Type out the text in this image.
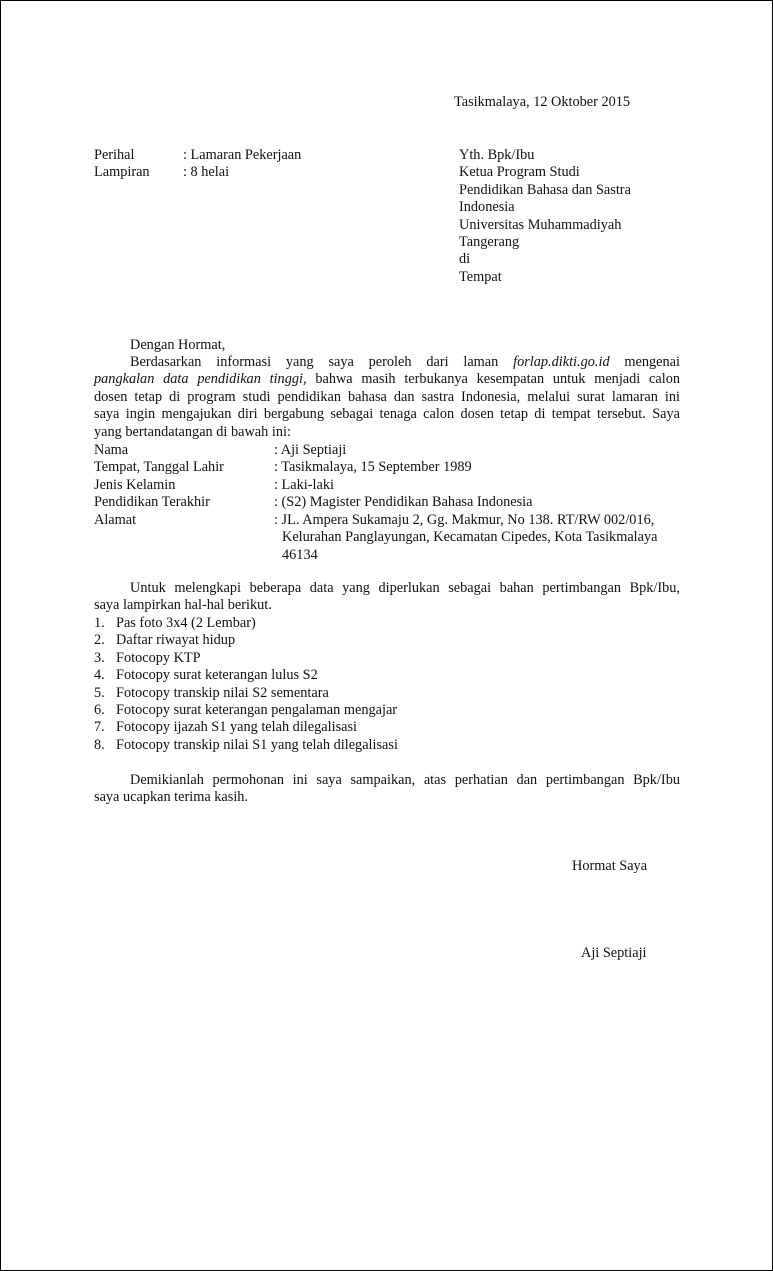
Tasikmalaya, 12 Oktober 2015
Perihal	: Lamaran Pekerjaan
Lampiran : 8 helai
Yth. Bpk/Ibu
Ketua Program Studi
Pendidikan Bahasa dan Sastra
Indonesia
Universitas Muhammadiyah
Tangerang
di
Tempat
Dengan Hormat,
Berdasarkan informasi yang saya peroleh dari laman forlap.dikti.go.id mengenai
pangkalan data pendidikan tinggi, bahwa masih terbukanya kesempatan untuk menjadi calon
dosen tetap di program studi pendidikan bahasa dan sastra Indonesia, melalui surat lamaran ini
saya ingin mengajukan diri bergabung sebagai tenaga calon dosen tetap di tempat tersebut. Saya
yang bertandatangan di bawah ini:
Nama	: Aji Septiaji
Tempat, Tanggal Lahir	: Tasikmalaya, 15 September 1989
Jenis Kelamin	: Laki-laki
Pendidikan Terakhir	: (S2) Magister Pendidikan Bahasa Indonesia
Alamat	: JL. Ampera Sukamaju 2, Gg. Makmur, No 138. RT/RW 002/016,
Kelurahan Panglayungan, Kecamatan Cipedes, Kota Tasikmalaya
46134
Untuk melengkapi beberapa data yang diperlukan sebagai bahan pertimbangan Bpk/Ibu,
saya lampirkan hal-hal berikut.
1. Pas foto 3x4 (2 Lembar)
2. Daftar riwayat hidup
3. Fotocopy KTP
4. Fotocopy surat keterangan lulus S2
5. Fotocopy transkip nilai S2 sementara
6. Fotocopy surat keterangan pengalaman mengajar
7. Fotocopy ijazah S1 yang telah dilegalisasi
8. Fotocopy transkip nilai S1 yang telah dilegalisasi
Demikianlah permohonan ini saya sampaikan, atas perhatian dan pertimbangan Bpk/Ibu
saya ucapkan terima kasih.
Hormat Saya
Aji Septiaji
